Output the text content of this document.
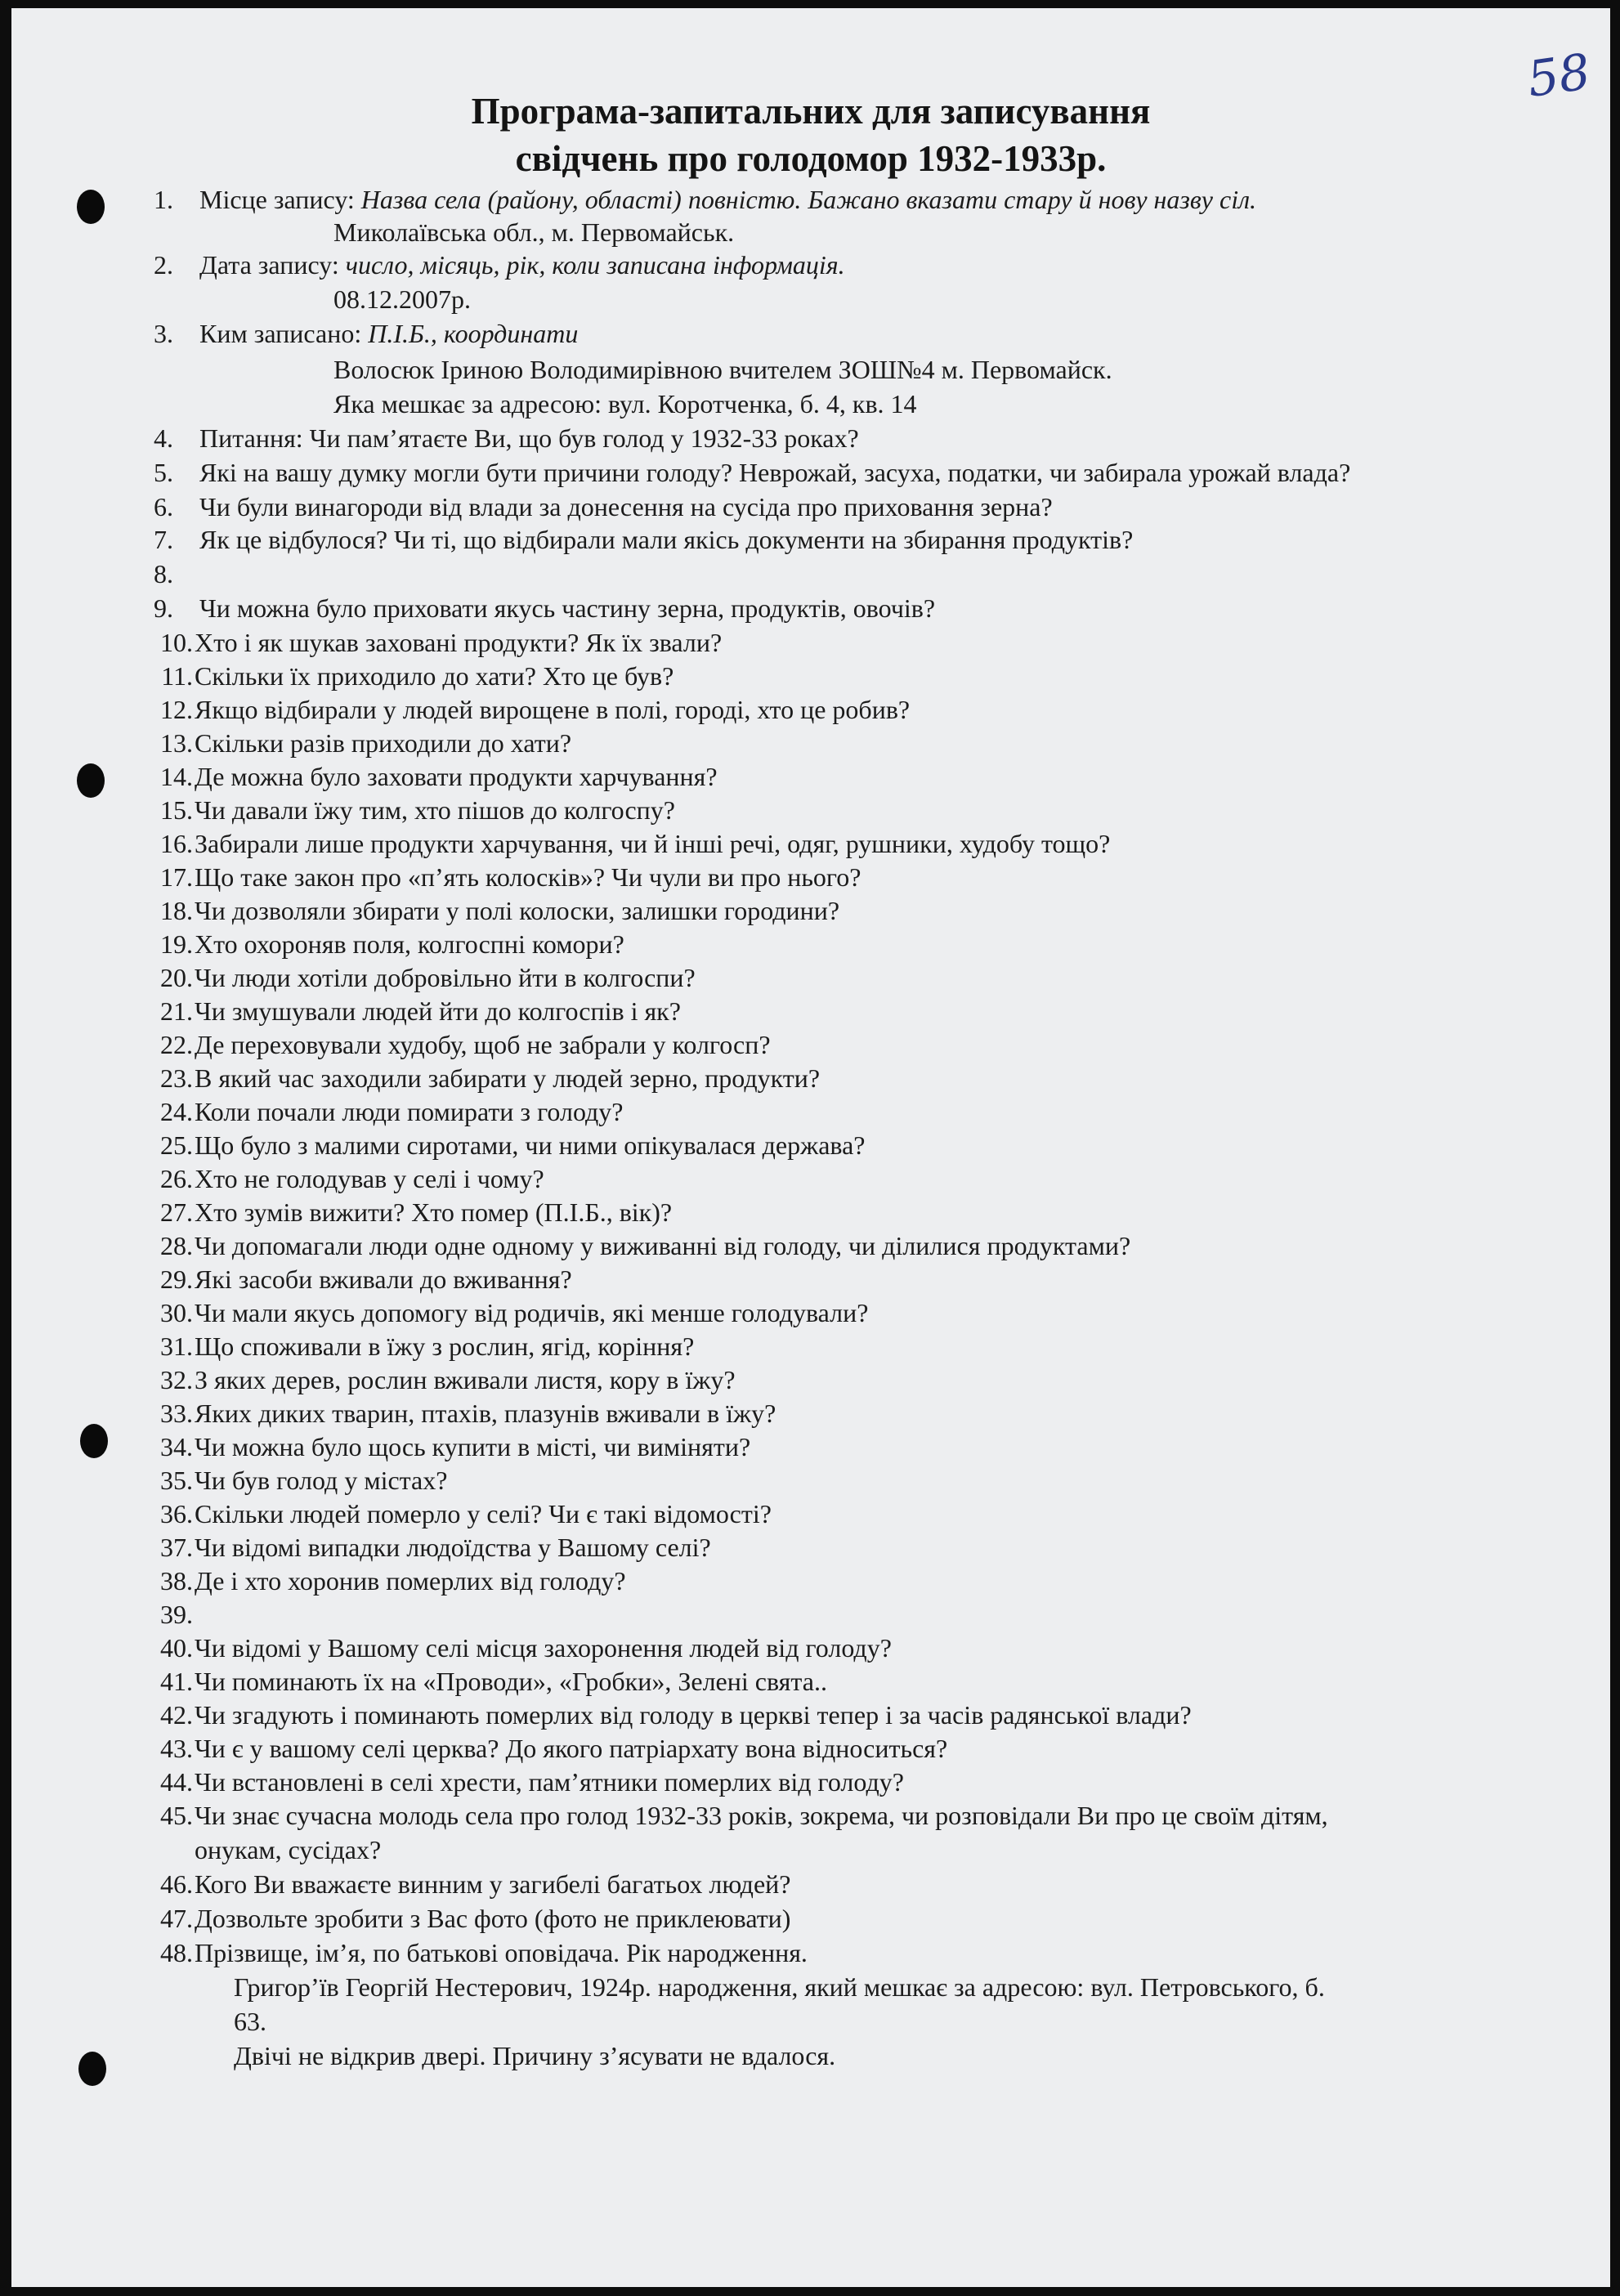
58
Програма-запитальних для записування
свідчень про голодомор 1932-1933р.
1. Місце запису: Назва села (району, області) повністю. Бажано вказати стару й нову назву сіл.
Миколаївська обл., м. Первомайськ.
2. Дата запису: число, місяць, рік, коли записана інформація.
08.12.2007р.
3. Ким записано: П.І.Б., координати
Волосюк Іриною Володимирівною вчителем ЗОШ№4 м. Первомайск.
Яка мешкає за адресою: вул. Коротченка, б. 4, кв. 14
4. Питання: Чи пам’ятаєте Ви, що був голод у 1932-33 роках?
5. Які на вашу думку могли бути причини голоду? Неврожай, засуха, податки, чи забирала урожай влада?
6. Чи були винагороди від влади за донесення на сусіда про приховання зерна?
7. Як це відбулося? Чи ті, що відбирали мали якісь документи на збирання продуктів?
8.
9. Чи можна було приховати якусь частину зерна, продуктів, овочів?
10. Хто і як шукав заховані продукти? Як їх звали?
11. Скільки їх приходило до хати? Хто це був?
12. Якщо відбирали у людей вирощене в полі, городі, хто це робив?
13. Скільки разів приходили до хати?
14. Де можна було заховати продукти харчування?
15. Чи давали їжу тим, хто пішов до колгоспу?
16. Забирали лише продукти харчування, чи й інші речі, одяг, рушники, худобу тощо?
17. Що таке закон про «п’ять колосків»? Чи чули ви про нього?
18. Чи дозволяли збирати у полі колоски, залишки городини?
19. Хто охороняв поля, колгоспні комори?
20. Чи люди хотіли добровільно йти в колгоспи?
21. Чи змушували людей йти до колгоспів і як?
22. Де переховували худобу, щоб не забрали у колгосп?
23. В який час заходили забирати у людей зерно, продукти?
24. Коли почали люди помирати з голоду?
25. Що було з малими сиротами, чи ними опікувалася держава?
26. Хто не голодував у селі і чому?
27. Хто зумів вижити? Хто помер (П.І.Б., вік)?
28. Чи допомагали люди одне одному у виживанні від голоду, чи ділилися продуктами?
29. Які засоби вживали до вживання?
30. Чи мали якусь допомогу від родичів, які менше голодували?
31. Що споживали в їжу з рослин, ягід, коріння?
32. З яких дерев, рослин вживали листя, кору в їжу?
33. Яких диких тварин, птахів, плазунів вживали в їжу?
34. Чи можна було щось купити в місті, чи виміняти?
35. Чи був голод у містах?
36. Скільки людей померло у селі? Чи є такі відомості?
37. Чи відомі випадки людоїдства у Вашому селі?
38. Де і хто хоронив померлих від голоду?
39.
40. Чи відомі у Вашому селі місця захоронення людей від голоду?
41. Чи поминають їх на «Проводи», «Гробки», Зелені свята..
42. Чи згадують і поминають померлих від голоду в церкві тепер і за часів радянської влади?
43. Чи є у вашому селі церква? До якого патріархату вона відноситься?
44. Чи встановлені в селі хрести, пам’ятники померлих від голоду?
45. Чи знає сучасна молодь села про голод 1932-33 років, зокрема, чи розповідали Ви про це своїм дітям,
онукам, сусідах?
46. Кого Ви вважаєте винним у загибелі багатьох людей?
47. Дозвольте зробити з Вас фото (фото не приклеювати)
48. Прізвище, ім’я, по батькові оповідача. Рік народження.
Григор’їв Георгій Нестерович, 1924р. народження, який мешкає за адресою: вул. Петровського, б.
63.
Двічі не відкрив двері. Причину з’ясувати не вдалося.
